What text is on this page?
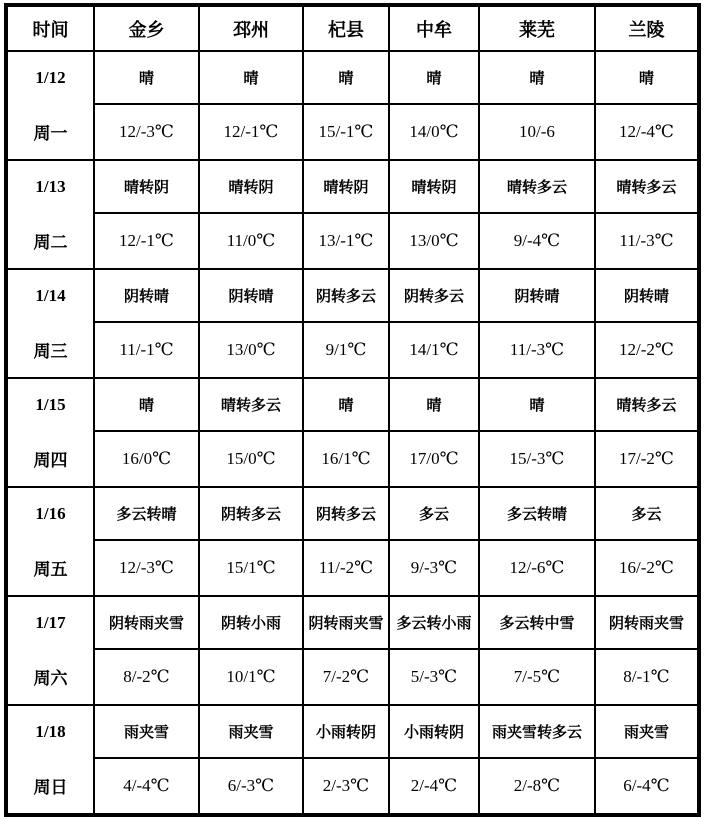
时间	金乡	邳州	杞县	中牟	莱芜	兰陵

1/12
周一	晴	晴	晴	晴	晴	晴
	12/-3℃	12/-1℃	15/-1℃	14/0℃	10/-6	12/-4℃

1/13
周二	晴转阴	晴转阴	晴转阴	晴转阴	晴转多云	晴转多云
	12/-1℃	11/0℃	13/-1℃	13/0℃	9/-4℃	11/-3℃

1/14
周三	阴转晴	阴转晴	阴转多云	阴转多云	阴转晴	阴转晴
	11/-1℃	13/0℃	9/1℃	14/1℃	11/-3℃	12/-2℃

1/15
周四	晴	晴转多云	晴	晴	晴	晴转多云
	16/0℃	15/0℃	16/1℃	17/0℃	15/-3℃	17/-2℃

1/16
周五	多云转晴	阴转多云	阴转多云	多云	多云转晴	多云
	12/-3℃	15/1℃	11/-2℃	9/-3℃	12/-6℃	16/-2℃

1/17
周六	阴转雨夹雪	阴转小雨	阴转雨夹雪	多云转小雨	多云转中雪	阴转雨夹雪
	8/-2℃	10/1℃	7/-2℃	5/-3℃	7/-5℃	8/-1℃

1/18
周日	雨夹雪	雨夹雪	小雨转阴	小雨转阴	雨夹雪转多云	雨夹雪
	4/-4℃	6/-3℃	2/-3℃	2/-4℃	2/-8℃	6/-4℃
